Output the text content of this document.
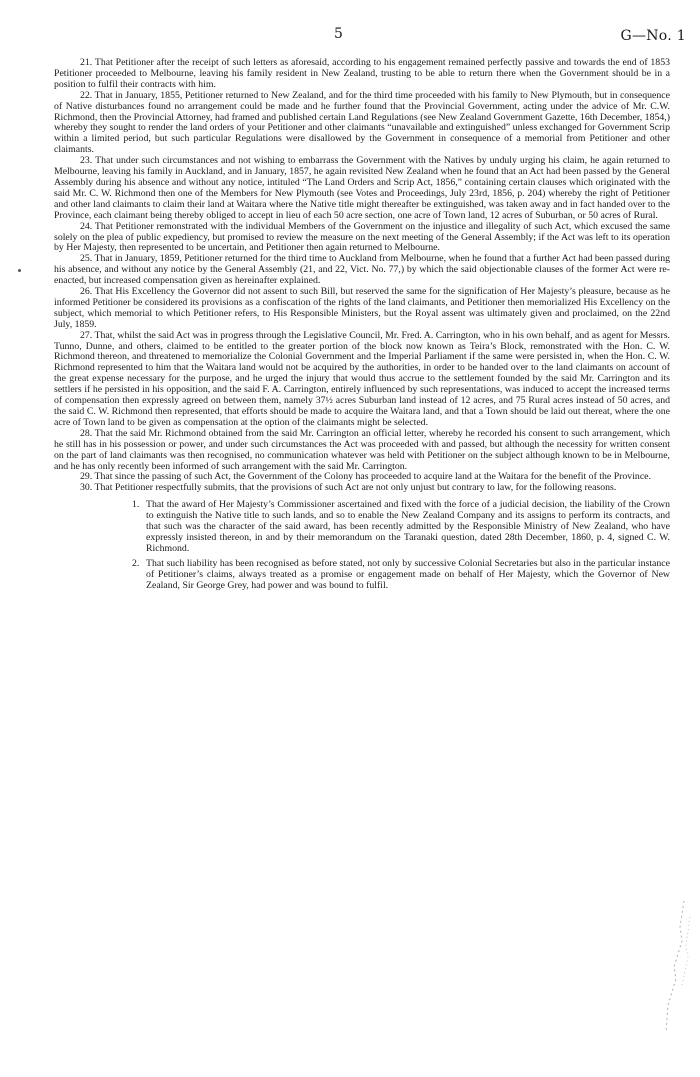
5	G—No. 1

21. That Petitioner after the receipt of such letters as aforesaid, according to his engagement remained perfectly passive and towards the end of 1853 Petitioner proceeded to Melbourne, leaving his family resident in New Zealand, trusting to be able to return there when the Government should be in a position to fulfil their contracts with him.

22. That in January, 1855, Petitioner returned to New Zealand, and for the third time proceeded with his family to New Plymouth, but in consequence of Native disturbances found no arrangement could be made and he further found that the Provincial Government, acting under the advice of Mr. C.W. Richmond, then the Provincial Attorney, had framed and published certain Land Regulations (see New Zealand Government Gazette, 16th December, 1854,) whereby they sought to render the land orders of your Petitioner and other claimants “unavailable and extinguished” unless exchanged for Government Scrip within a limited period, but such particular Regulations were disallowed by the Government in consequence of a memorial from Petitioner and other claimants.

23. That under such circumstances and not wishing to embarrass the Government with the Natives by unduly urging his claim, he again returned to Melbourne, leaving his family in Auckland, and in January, 1857, he again revisited New Zealand when he found that an Act had been passed by the General Assembly during his absence and without any notice, intituled “The Land Orders and Scrip Act, 1856,” containing certain clauses which originated with the said Mr. C. W. Richmond then one of the Members for New Plymouth (see Votes and Proceedings, July 23rd, 1856, p. 204) whereby the right of Petitioner and other land claimants to claim their land at Waitara where the Native title might thereafter be extinguished, was taken away and in fact handed over to the Province, each claimant being thereby obliged to accept in lieu of each 50 acre section, one acre of Town land, 12 acres of Suburban, or 50 acres of Rural.

24. That Petitioner remonstrated with the individual Members of the Government on the injustice and illegality of such Act, which excused the same solely on the plea of public expediency, but promised to review the measure on the next meeting of the General Assembly; if the Act was left to its operation by Her Majesty, then represented to be uncertain, and Petitioner then again returned to Melbourne.

25. That in January, 1859, Petitioner returned for the third time to Auckland from Melbourne, when he found that a further Act had been passed during his absence, and without any notice by the General Assembly (21, and 22, Vict. No. 77,) by which the said objectionable clauses of the former Act were re-enacted, but increased compensation given as hereinafter explained.

26. That His Excellency the Governor did not assent to such Bill, but reserved the same for the signification of Her Majesty’s pleasure, because as he informed Petitioner be considered its provisions as a confiscation of the rights of the land claimants, and Petitioner then memorialized His Excellency on the subject, which memorial to which Petitioner refers, to His Responsible Ministers, but the Royal assent was ultimately given and proclaimed, on the 22nd July, 1859.

27. That, whilst the said Act was in progress through the Legislative Council, Mr. Fred. A. Carrington, who in his own behalf, and as agent for Messrs. Tunno, Dunne, and others, claimed to be entitled to the greater portion of the block now known as Teira’s Block, remonstrated with the Hon. C. W. Richmond thereon, and threatened to memorialize the Colonial Government and the Imperial Parliament if the same were persisted in, when the Hon. C. W. Richmond represented to him that the Waitara land would not be acquired by the authorities, in order to be handed over to the land claimants on account of the great expense necessary for the purpose, and he urged the injury that would thus accrue to the settlement founded by the said Mr. Carrington and its settlers if he persisted in his opposition, and the said F. A. Carrington, entirely influenced by such representations, was induced to accept the increased terms of compensation then expressly agreed on between them, namely 37½ acres Suburban land instead of 12 acres, and 75 Rural acres instead of 50 acres, and the said C. W. Richmond then represented, that efforts should be made to acquire the Waitara land, and that a Town should be laid out thereat, where the one acre of Town land to be given as compensation at the option of the claimants might be selected.

28. That the said Mr. Richmond obtained from the said Mr. Carrington an official letter, whereby he recorded his consent to such arrangement, which he still has in his possession or power, and under such circumstances the Act was proceeded with and passed, but although the necessity for written consent on the part of land claimants was then recognised, no communication whatever was held with Petitioner on the subject although known to be in Melbourne, and he has only recently been informed of such arrangement with the said Mr. Carrington.

29. That since the passing of such Act, the Government of the Colony has proceeded to acquire land at the Waitara for the benefit of the Province.

30. That Petitioner respectfully submits, that the provisions of such Act are not only unjust but contrary to law, for the following reasons.

1. That the award of Her Majesty’s Commissioner ascertained and fixed with the force of a judicial decision, the liability of the Crown to extinguish the Native title to such lands, and so to enable the New Zealand Company and its assigns to perform its contracts, and that such was the character of the said award, has been recently admitted by the Responsible Ministry of New Zealand, who have expressly insisted thereon, in and by their memorandum on the Taranaki question, dated 28th December, 1860, p. 4, signed C. W. Richmond.
2. That such liability has been recognised as before stated, not only by successive Colonial Secretaries but also in the particular instance of Petitioner’s claims, always treated as a promise or engagement made on behalf of Her Majesty, which the Governor of New Zealand, Sir George Grey, had power and was bound to fulfil.
